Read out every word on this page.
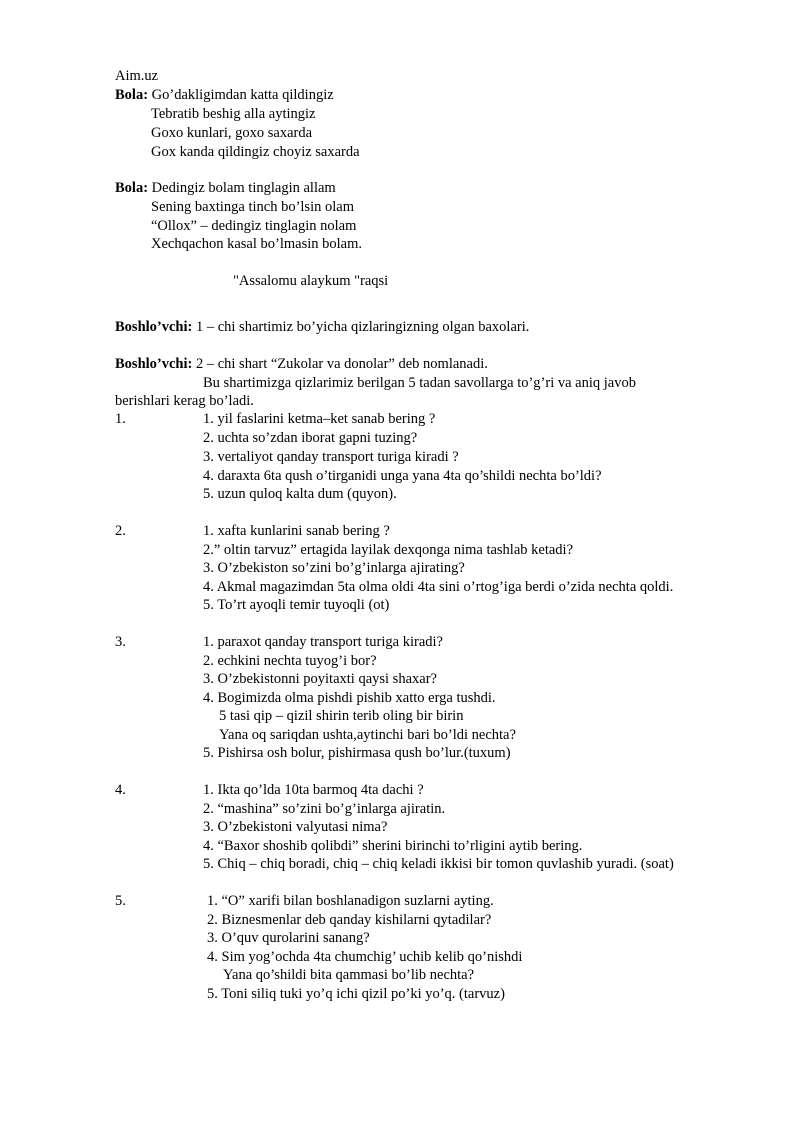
Aim.uz
Bola: Go’dakligimdan katta qildingiz
Tebratib beshig alla aytingiz
Goxo kunlari, goxo saxarda
Gox kanda qildingiz choyiz saxarda
Bola: Dedingiz bolam tinglagin allam
Sening baxtinga tinch bo’lsin olam
“Ollox” – dedingiz tinglagin nolam
Xechqachon kasal bo’lmasin bolam.
"Assalomu alaykum "raqsi
Boshlo’vchi: 1 – chi shartimiz bo’yicha qizlaringizning olgan baxolari.
Boshlo’vchi: 2 – chi shart “Zukolar va donolar” deb nomlanadi.
Bu shartimizga qizlarimiz berilgan 5 tadan savollarga to’g’ri va aniq javob
berishlari kerag bo’ladi.
1.	1. yil faslarini ketma–ket sanab bering ?
2. uchta so’zdan iborat gapni tuzing?
3. vertaliyot qanday transport turiga kiradi ?
4. daraxta 6ta qush o’tirganidi unga yana 4ta qo’shildi nechta bo’ldi?
5. uzun quloq kalta dum (quyon).
2.	1. xafta kunlarini sanab bering ?
2.” oltin tarvuz” ertagida layilak dexqonga nima tashlab ketadi?
3. O’zbekiston so’zini bo’g’inlarga ajirating?
4. Akmal magazimdan 5ta olma oldi 4ta sini o’rtog’iga berdi o’zida nechta qoldi.
5. To’rt ayoqli temir tuyoqli (ot)
3.	1. paraxot qanday transport turiga kiradi?
2. echkini nechta tuyog’i bor?
3. O’zbekistonni poyitaxti qaysi shaxar?
4. Bogimizda olma pishdi pishib xatto erga tushdi.
5 tasi qip – qizil shirin terib oling bir birin
Yana oq sariqdan ushta,aytinchi bari bo’ldi nechta?
5. Pishirsa osh bolur, pishirmasa qush bo’lur.(tuxum)
4.	1. Ikta qo’lda 10ta barmoq 4ta dachi ?
2. “mashina” so’zini bo’g’inlarga ajiratin.
3. O’zbekistoni valyutasi nima?
4. “Baxor shoshib qolibdi” sherini birinchi to’rligini aytib bering.
5. Chiq – chiq boradi, chiq – chiq keladi ikkisi bir tomon quvlashib yuradi. (soat)
5.	1. “O” xarifi bilan boshlanadigon suzlarni ayting.
2. Biznesmenlar deb qanday kishilarni qytadilar?
3. O’quv qurolarini sanang?
4. Sim yog’ochda 4ta chumchig’ uchib kelib qo’nishdi
Yana qo’shildi bita qammasi bo’lib nechta?
5. Toni siliq tuki yo’q ichi qizil po’ki yo’q. (tarvuz)
